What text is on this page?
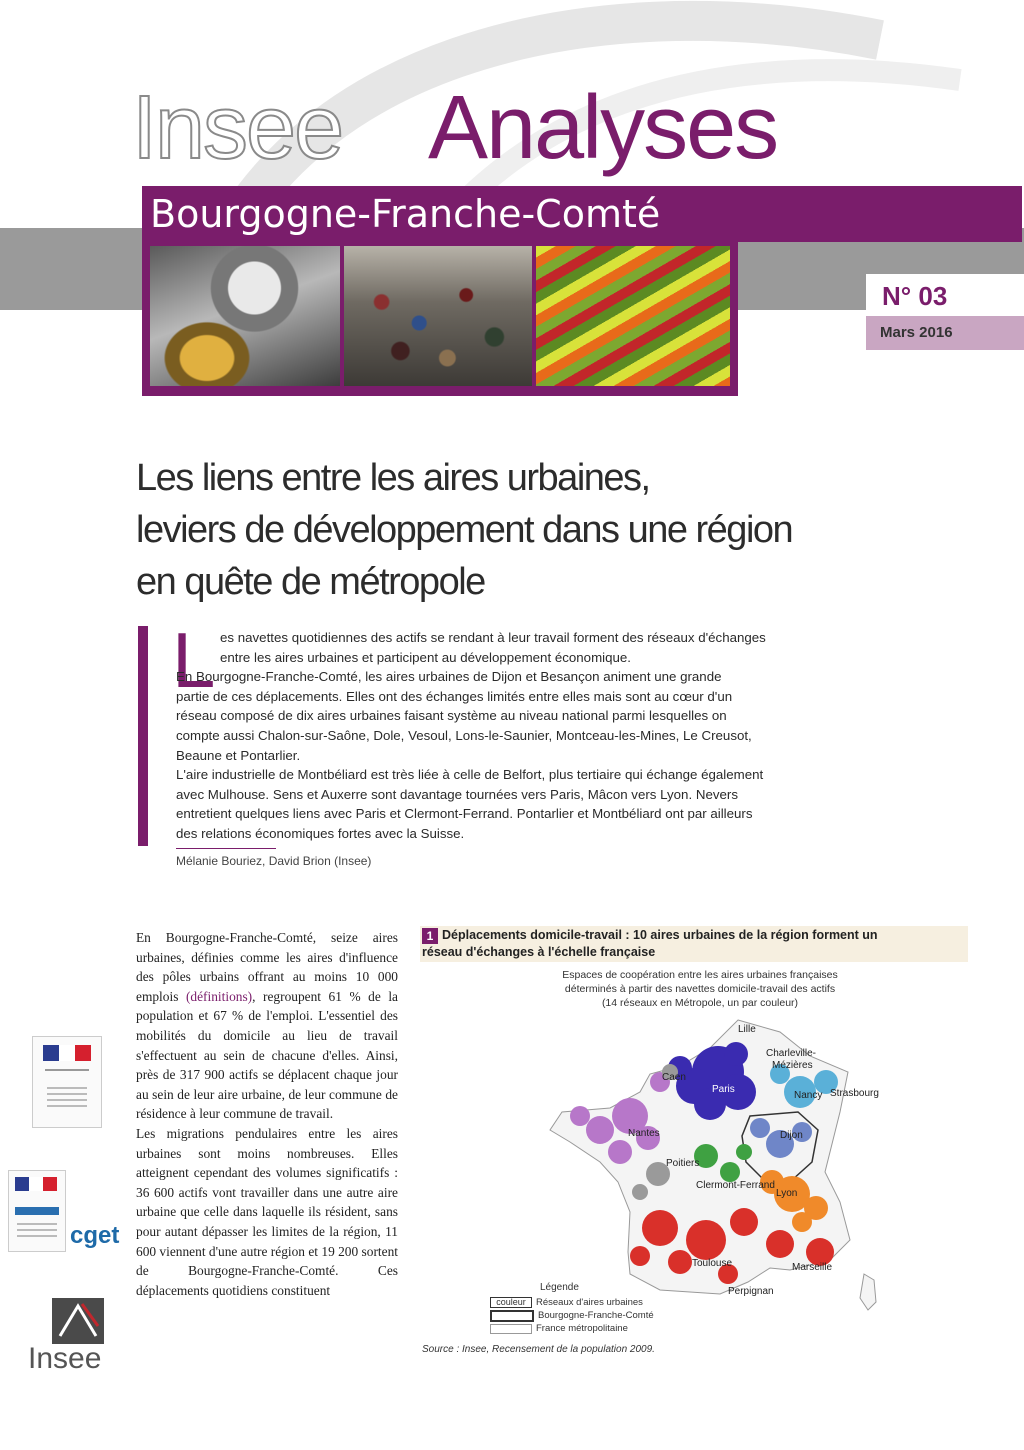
Insee Analyses
Bourgogne-Franche-Comté
N° 03
Mars 2016
Les liens entre les aires urbaines,
leviers de développement dans une région
en quête de métropole
L es navettes quotidiennes des actifs se rendant à leur travail forment des réseaux d'échanges

entre les aires urbaines et participent au développement économique.

En Bourgogne-Franche-Comté, les aires urbaines de Dijon et Besançon animent une grande

partie de ces déplacements. Elles ont des échanges limités entre elles mais sont au cœur d'un

réseau composé de dix aires urbaines faisant système au niveau national parmi lesquelles on

compte aussi Chalon-sur-Saône, Dole, Vesoul, Lons-le-Saunier, Montceau-les-Mines, Le Creusot,

Beaune et Pontarlier.

L'aire industrielle de Montbéliard est très liée à celle de Belfort, plus tertiaire qui échange également

avec Mulhouse. Sens et Auxerre sont davantage tournées vers Paris, Mâcon vers Lyon. Nevers

entretient quelques liens avec Paris et Clermont-Ferrand. Pontarlier et Montbéliard ont par ailleurs

des relations économiques fortes avec la Suisse.

Mélanie Bouriez, David Brion (Insee)

En Bourgogne-Franche-Comté, seize aires urbaines, définies comme les aires d'influence des pôles urbains offrant au moins 10 000 emplois (définitions), regroupent 61 % de la population et 67 % de l'emploi. L'essentiel des mobilités du domicile au lieu de travail s'effectuent au sein de chacune d'elles. Ainsi, près de 317 900 actifs se déplacent chaque jour au sein de leur aire urbaine, de leur commune de résidence à leur commune de travail.

Les migrations pendulaires entre les aires urbaines sont moins nombreuses. Elles atteignent cependant des volumes significatifs : 36 600 actifs vont travailler dans une autre aire urbaine que celle dans laquelle ils résident, sans pour autant dépasser les limites de la région, 11 600 viennent d'une autre région et 19 200 sortent de Bourgogne-Franche-Comté. Ces déplacements quotidiens constituent

cget
Insee
1 Déplacements domicile-travail : 10 aires urbaines de la région forment un
réseau d'échanges à l'échelle française
Espaces de coopération entre les aires urbaines françaises
déterminés à partir des navettes domicile-travail des actifs
(14 réseaux en Métropole, un par couleur)
Lille
Charleville-
Mézières
Caen
Paris
Nancy Strasbourg
Nantes	Dijon
Poitiers
Clermont-Ferrand
Lyon
Toulouse	Marseille
Perpignan
Légende
couleur	Réseaux d'aires urbaines
Bourgogne-Franche-Comté
France métropolitaine
Source : Insee, Recensement de la population 2009.
